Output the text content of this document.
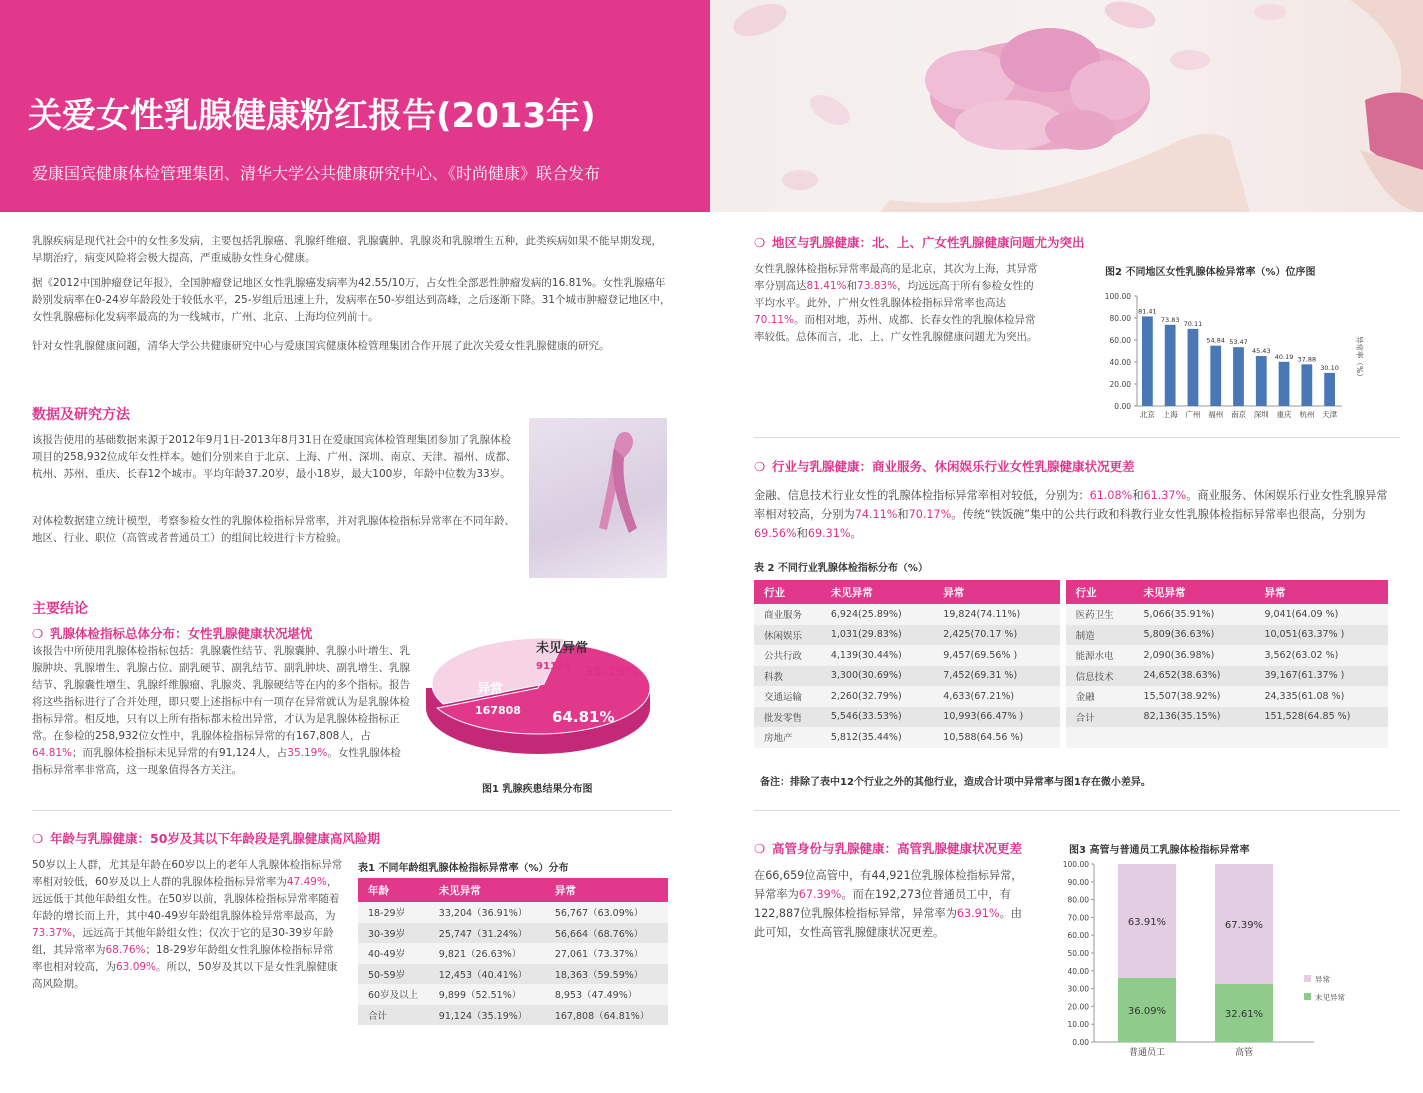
关爱女性乳腺健康粉红报告(2013年)
爱康国宾健康体检管理集团、清华大学公共健康研究中心、《时尚健康》联合发布
乳腺疾病是现代社会中的女性多发病，主要包括乳腺癌、乳腺纤维瘤、乳腺囊肿、乳腺炎和乳腺增生五种，此类疾病如果不能早期发现，早期治疗，病变风险将会极大提高，严重威胁女性身心健康。
据《2012中国肿瘤登记年报》，全国肿瘤登记地区女性乳腺癌发病率为42.55/10万，占女性全部恶性肿瘤发病的16.81%。女性乳腺癌年龄别发病率在0-24岁年龄段处于较低水平，25-岁组后迅速上升，发病率在50-岁组达到高峰，之后逐渐下降。31个城市肿瘤登记地区中，女性乳腺癌标化发病率最高的为一线城市，广州、北京、上海均位列前十。
针对女性乳腺健康问题，清华大学公共健康研究中心与爱康国宾健康体检管理集团合作开展了此次关爱女性乳腺健康的研究。
数据及研究方法
该报告使用的基础数据来源于2012年9月1日-2013年8月31日在爱康国宾体检管理集团参加了乳腺体检项目的258,932位成年女性样本。她们分别来自于北京、上海、广州、深圳、南京、天津、福州、成都、杭州、苏州、重庆、长春12个城市。平均年龄37.20岁，最小18岁，最大100岁，年龄中位数为33岁。
对体检数据建立统计模型，考察参检女性的乳腺体检指标异常率，并对乳腺体检指标异常率在不同年龄、地区、行业、职位（高管或者普通员工）的组间比较进行卡方检验。
主要结论
❍ 乳腺体检指标总体分布：女性乳腺健康状况堪忧
该报告中所使用乳腺体检指标包括：乳腺囊性结节、乳腺囊肿、乳腺小叶增生、乳腺肿块、乳腺增生、乳腺占位、副乳硬节、副乳结节、副乳肿块、副乳增生、乳腺结节、乳腺囊性增生、乳腺纤维腺瘤、乳腺炎、乳腺硬结等在内的多个指标。报告将这些指标进行了合并处理，即只要上述指标中有一项存在异常就认为是乳腺体检指标异常。相反地，只有以上所有指标都未检出异常，才认为是乳腺体检指标正常。在参检的258,932位女性中，乳腺体检指标异常的有167,808人，占64.81%；而乳腺体检指标未见异常的有91,124人，占35.19%。女性乳腺体检指标异常率非常高，这一现象值得各方关注。
异常
167808 64.81%
未见异常
91124 35.19%
图1 乳腺疾患结果分布图
❍ 年龄与乳腺健康：50岁及其以下年龄段是乳腺健康高风险期
50岁以上人群，尤其是年龄在60岁以上的老年人乳腺体检指标异常率相对较低，60岁及以上人群的乳腺体检指标异常率为47.49%，远远低于其他年龄组女性。在50岁以前，乳腺体检指标异常率随着年龄的增长而上升，其中40-49岁年龄组乳腺体检异常率最高，为73.37%，远远高于其他年龄组女性；仅次于它的是30-39岁年龄组，其异常率为68.76%；18-29岁年龄组女性乳腺体检指标异常率也相对较高，为63.09%。所以，50岁及其以下是女性乳腺健康高风险期。
表1 不同年龄组乳腺体检指标异常率（%）分布
年龄	未见异常	异常
18-29岁	33,204（36.91%）	56,767（63.09%）
30-39岁	25,747（31.24%）	56,664（68.76%）
40-49岁	9,821（26.63%）	27,061（73.37%）
50-59岁	12,453（40.41%）	18,363（59.59%）
60岁及以上	9,899（52.51%）	8,953（47.49%）
合计	91,124（35.19%）	167,808（64.81%）
❍ 地区与乳腺健康：北、上、广女性乳腺健康问题尤为突出
女性乳腺体检指标异常率最高的是北京，其次为上海，其异常率分别高达81.41%和73.83%，均远远高于所有参检女性的平均水平。此外，广州女性乳腺体检指标异常率也高达70.11%。而相对地，苏州、成都、长春女性的乳腺体检异常率较低。总体而言，北、上、广女性乳腺健康问题尤为突出。
图2 不同地区女性乳腺体检异常率（%）位序图
0.00
20.00
40.00
60.00
80.00
100.00
81.41
北京
73.83
上海
70.11
广州
54.84
福州
53.47
南京
45.43
深圳
40.19
重庆
37.88
杭州
30.10
天津
异常率（%）
❍ 行业与乳腺健康：商业服务、休闲娱乐行业女性乳腺健康状况更差
金融、信息技术行业女性的乳腺体检指标异常率相对较低，分别为：61.08%和61.37%。商业服务、休闲娱乐行业女性乳腺异常率相对较高，分别为74.11%和70.17%。传统“铁饭碗”集中的公共行政和科教行业女性乳腺体检指标异常率也很高，分别为69.56%和69.31%。
表 2 不同行业乳腺体检指标分布（%）
行业	未见异常	异常	行业	未见异常	异常
商业服务	6,924(25.89%)	19,824(74.11%)	医药卫生	5,066(35.91%)	9,041(64.09 %)
休闲娱乐	1,031(29.83%)	2,425(70.17 %)	制造	5,809(36.63%)	10,051(63.37% )
公共行政	4,139(30.44%)	9,457(69.56% )	能源水电	2,090(36.98%)	3,562(63.02 %)
科教	3,300(30.69%)	7,452(69.31 %)	信息技术	24,652(38.63%)	39,167(61.37% )
交通运输	2,260(32.79%)	4,633(67.21%)	金融	15,507(38.92%)	24,335(61.08 %)
批发零售	5,546(33.53%)	10,993(66.47% )	合计	82,136(35.15%)	151,528(64.85 %)
房地产	5,812(35.44%)	10,588(64.56 %)			
备注：排除了表中12个行业之外的其他行业，造成合计项中异常率与图1存在微小差异。
❍ 高管身份与乳腺健康：高管乳腺健康状况更差
在66,659位高管中，有44,921位乳腺体检指标异常，异常率为67.39%。而在192,273位普通员工中，有122,887位乳腺体检指标异常，异常率为63.91%。由此可知，女性高管乳腺健康状况更差。
图3 高管与普通员工乳腺体检指标异常率
0.00
10.00
20.00
30.00
40.00
50.00
60.00
70.00
80.00
90.00
100.00
36.09%
63.91%
普通员工
32.61%
67.39%
高管
异常
未见异常
